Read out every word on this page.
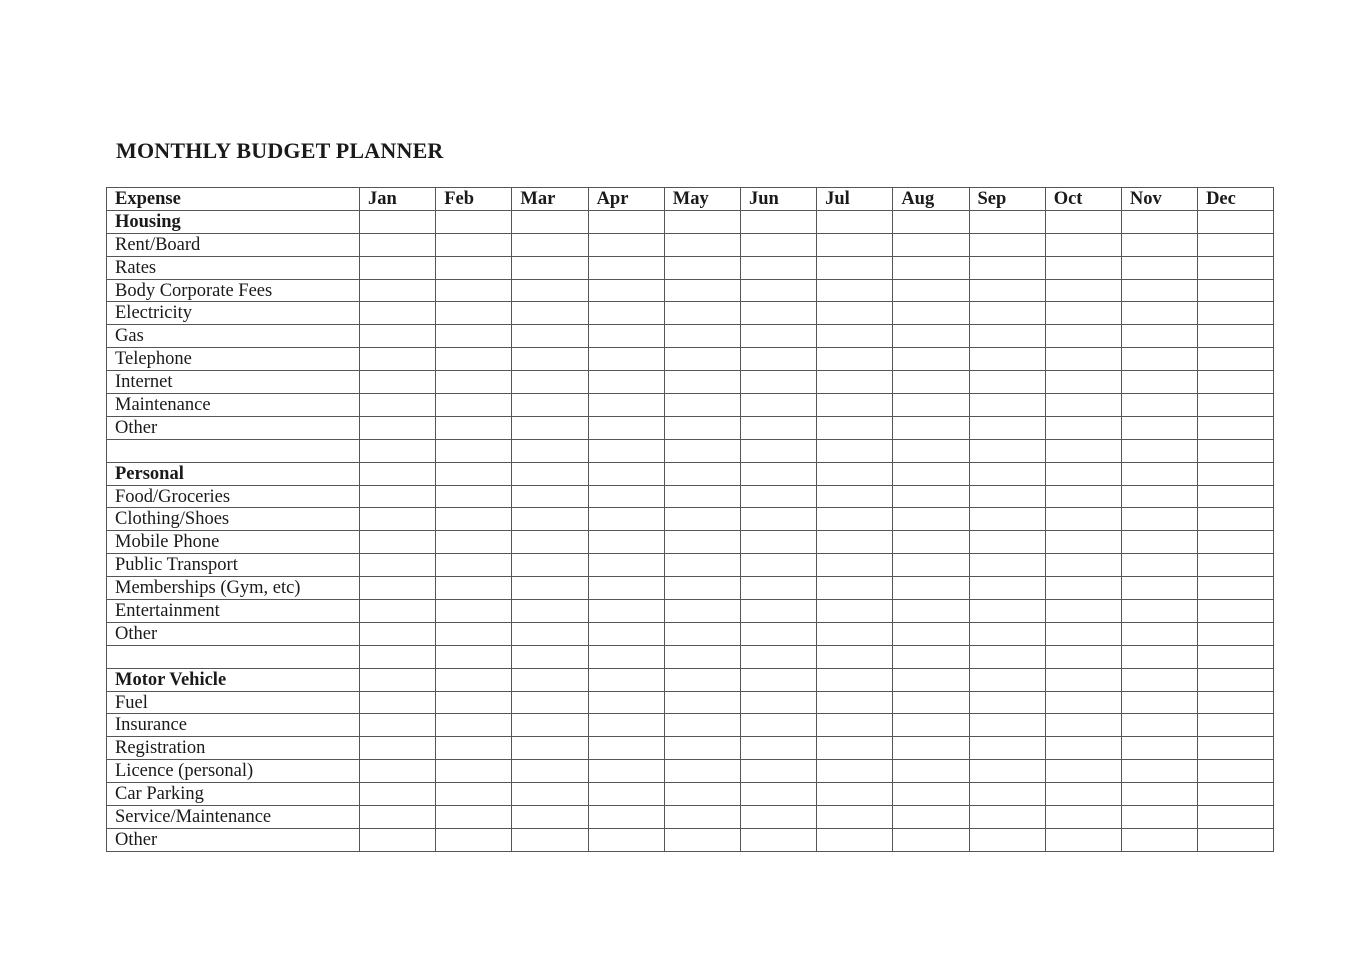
MONTHLY BUDGET PLANNER
Expense	Jan	Feb	Mar	Apr	May	Jun	Jul	Aug	Sep	Oct	Nov	Dec
Housing												
Rent/Board												
Rates												
Body Corporate Fees												
Electricity												
Gas												
Telephone												
Internet												
Maintenance												
Other												

Personal												
Food/Groceries												
Clothing/Shoes												
Mobile Phone												
Public Transport												
Memberships (Gym, etc)												
Entertainment												
Other												

Motor Vehicle												
Fuel												
Insurance												
Registration												
Licence (personal)												
Car Parking												
Service/Maintenance												
Other												
